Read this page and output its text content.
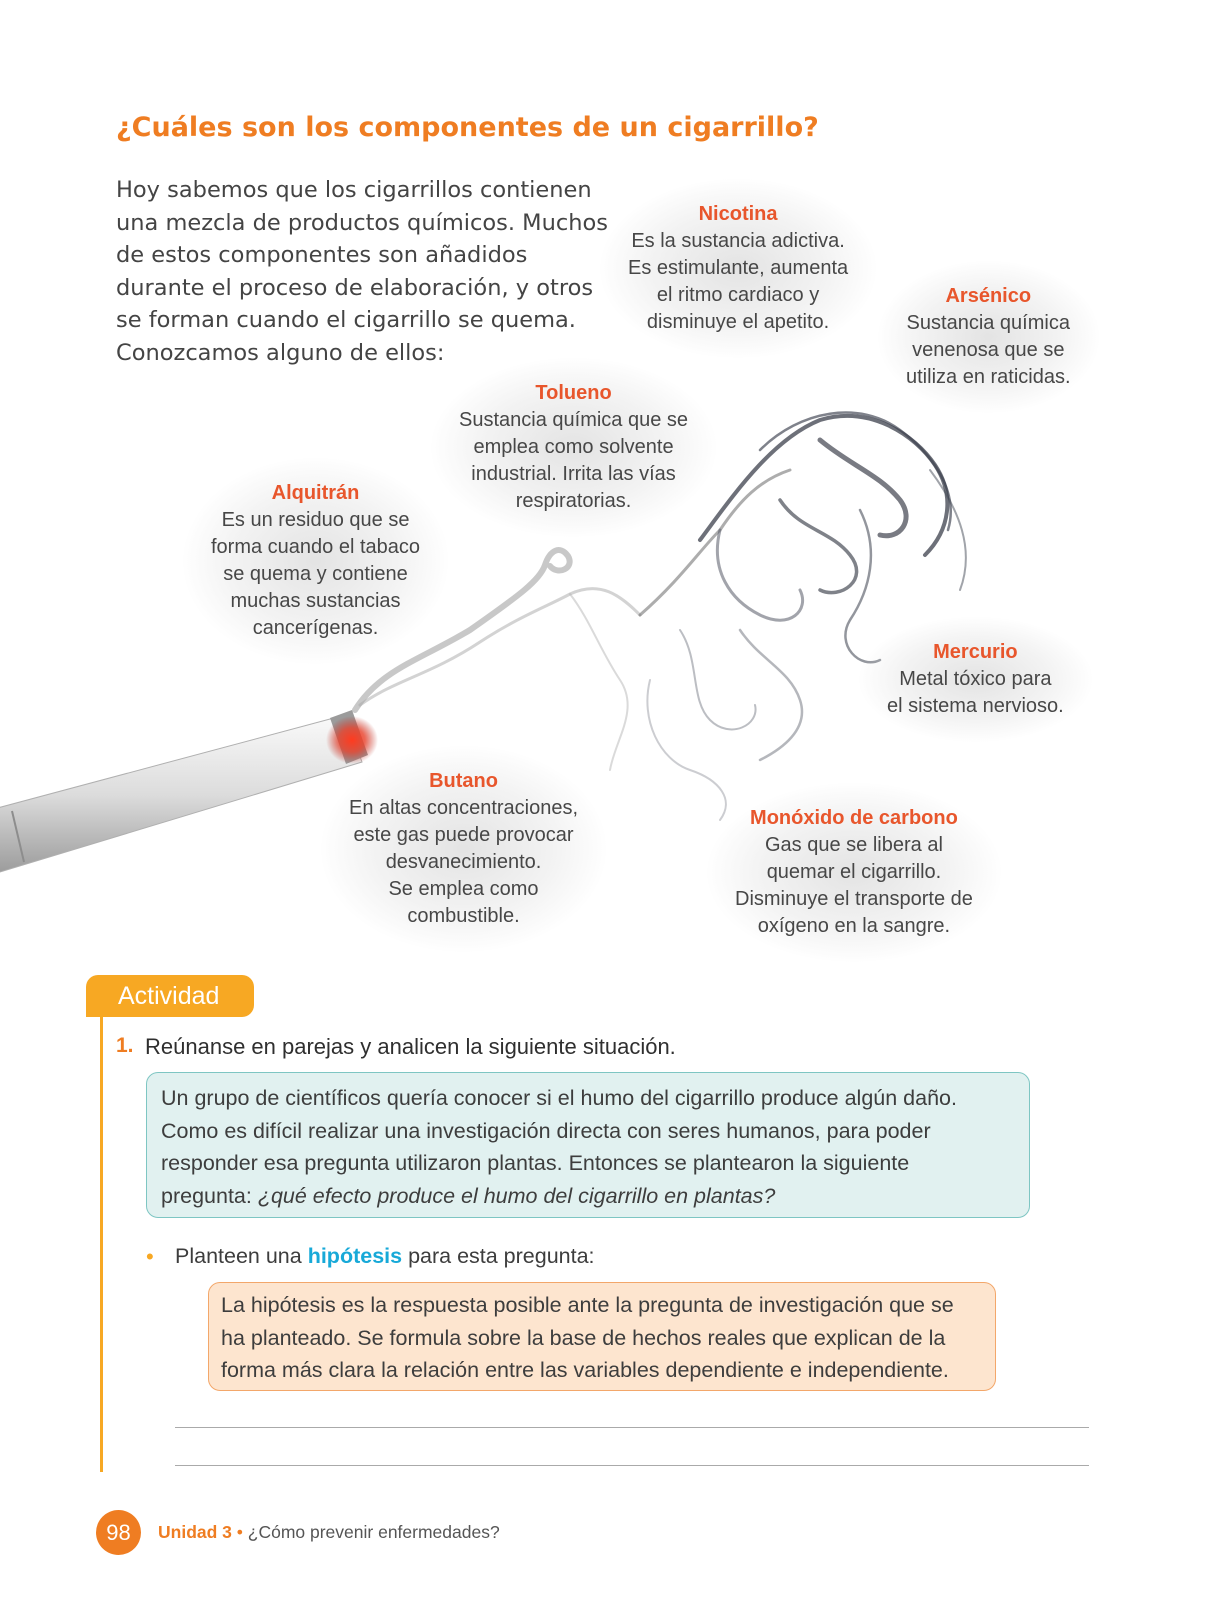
¿Cuáles son los componentes de un cigarrillo?
Hoy sabemos que los cigarrillos contienen
una mezcla de productos químicos. Muchos
de estos componentes son añadidos
durante el proceso de elaboración, y otros
se forman cuando el cigarrillo se quema.
Conozcamos alguno de ellos:
Nicotina
Es la sustancia adictiva.
Es estimulante, aumenta
el ritmo cardiaco y
disminuye el apetito.
Arsénico
Sustancia química
venenosa que se
utiliza en raticidas.
Tolueno
Sustancia química que se
emplea como solvente
industrial. Irrita las vías
respiratorias.
Alquitrán
Es un residuo que se
forma cuando el tabaco
se quema y contiene
muchas sustancias
cancerígenas.
Mercurio
Metal tóxico para
el sistema nervioso.
Butano
En altas concentraciones,
este gas puede provocar
desvanecimiento.
Se emplea como
combustible.
Monóxido de carbono
Gas que se libera al
quemar el cigarrillo.
Disminuye el transporte de
oxígeno en la sangre.
Actividad
1. Reúnanse en parejas y analicen la siguiente situación.
Un grupo de científicos quería conocer si el humo del cigarrillo produce algún daño.
Como es difícil realizar una investigación directa con seres humanos, para poder
responder esa pregunta utilizaron plantas. Entonces se plantearon la siguiente
pregunta: ¿qué efecto produce el humo del cigarrillo en plantas?
• Planteen una hipótesis para esta pregunta:
La hipótesis es la respuesta posible ante la pregunta de investigación que se
ha planteado. Se formula sobre la base de hechos reales que explican de la
forma más clara la relación entre las variables dependiente e independiente.
98	Unidad 3 • ¿Cómo prevenir enfermedades?
